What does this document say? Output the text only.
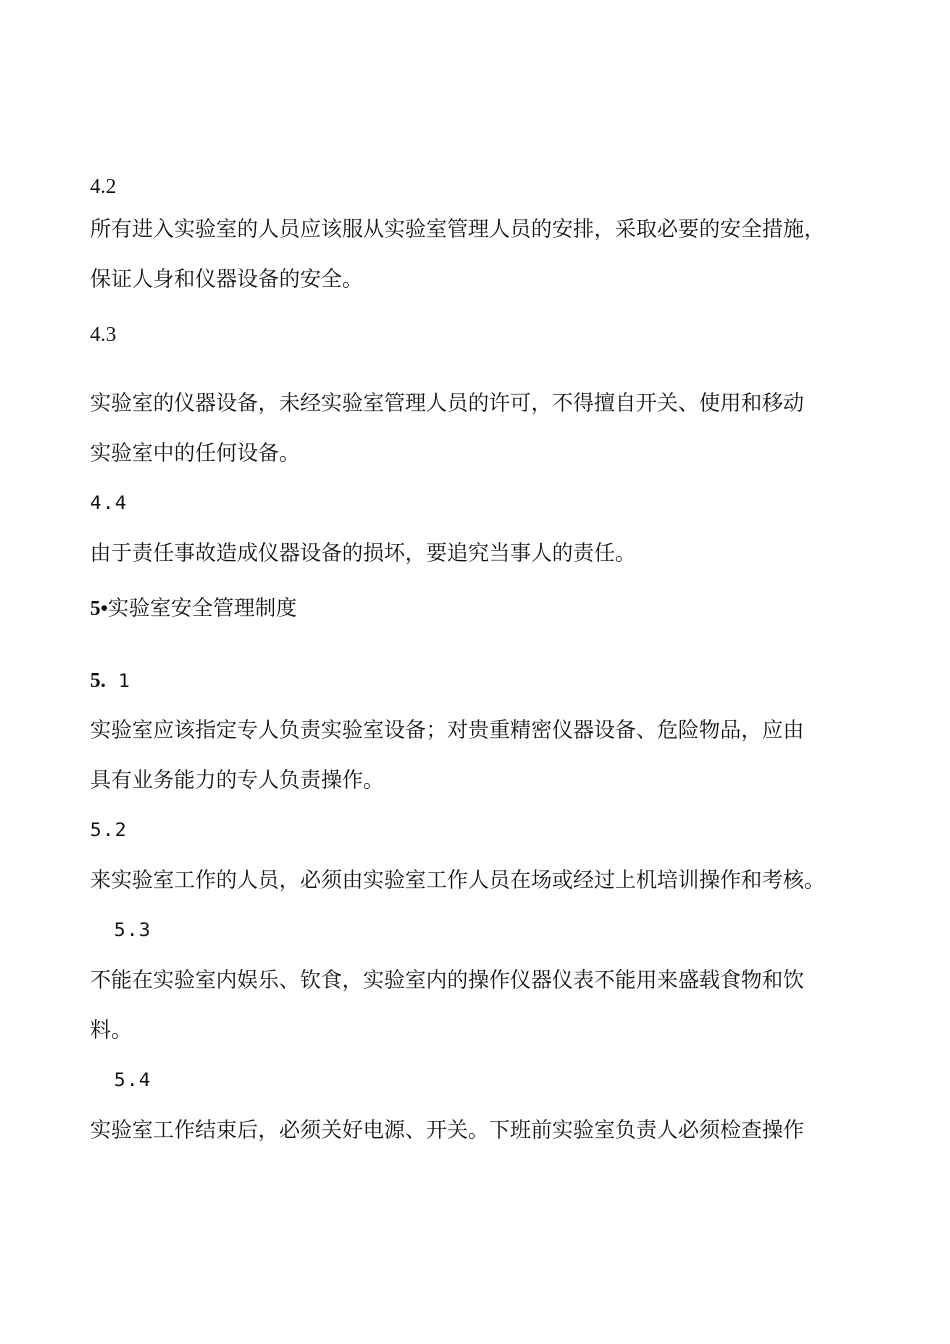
4.2
所有进入实验室的人员应该服从实验室管理人员的安排，采取必要的安全措施，
保证人身和仪器设备的安全。
4.3
实验室的仪器设备，未经实验室管理人员的许可，不得擅自开关、使用和移动
实验室中的任何设备。
4.4
由于责任事故造成仪器设备的损坏，要追究当事人的责任。
5•实验室安全管理制度
5. 1
实验室应该指定专人负责实验室设备；对贵重精密仪器设备、危险物品，应由
具有业务能力的专人负责操作。
5.2
来实验室工作的人员，必须由实验室工作人员在场或经过上机培训操作和考核。
5.3
不能在实验室内娱乐、钦食，实验室内的操作仪器仪表不能用来盛载食物和饮
料。
5.4
实验室工作结束后，必须关好电源、开关。下班前实验室负责人必须检查操作
